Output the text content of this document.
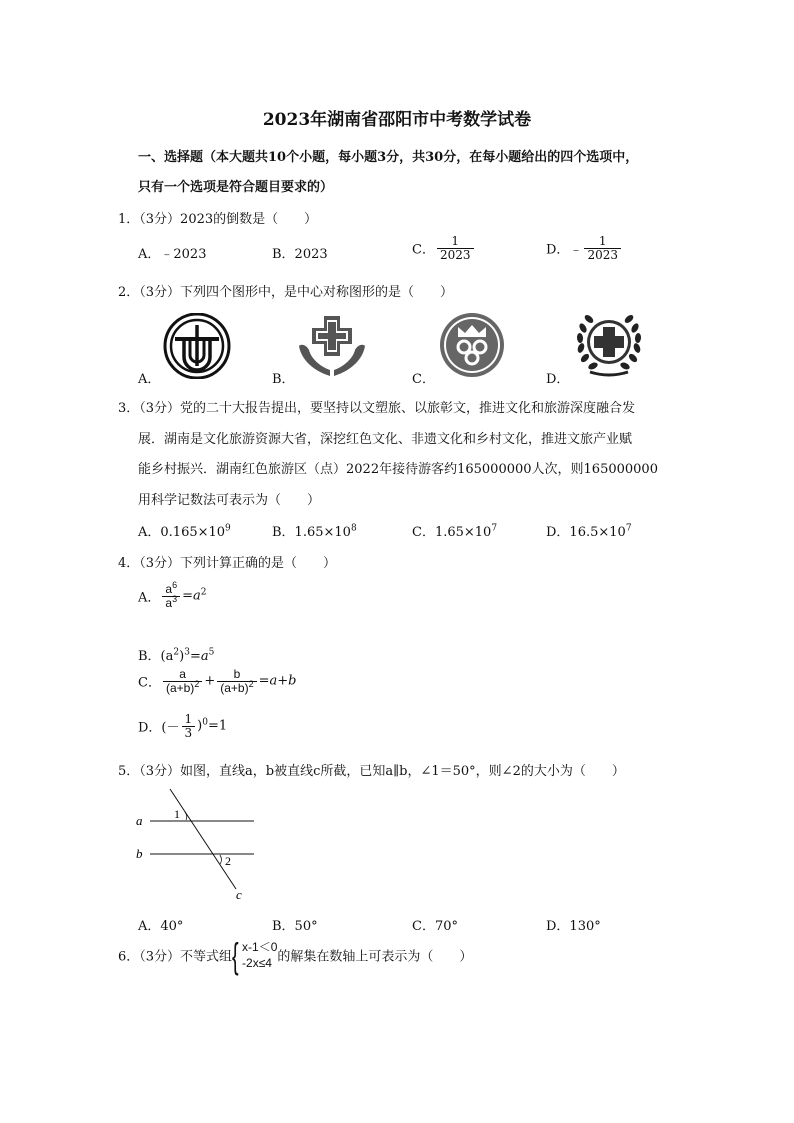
2023年湖南省邵阳市中考数学试卷
一、选择题（本大题共10个小题，每小题3分，共30分，在每小题给出的四个选项中，
只有一个选项是符合题目要求的）
1．（3分）2023的倒数是（　　）
A．﹣2023	B．2023	C． $\frac{1}{2023}$	D．﹣ $\frac{1}{2023}$
2．（3分）下列四个图形中，是中心对称图形的是（　　）
A．	B．	C．	D．
3．（3分）党的二十大报告提出，要坚持以文塑旅、以旅彰文，推进文化和旅游深度融合发
展．湖南是文化旅游资源大省，深挖红色文化、非遗文化和乡村文化，推进文旅产业赋
能乡村振兴．湖南红色旅游区（点）2022年接待游客约165000000人次，则165000000
用科学记数法可表示为（　　）
A．$0.165\times 10^9$	B．$1.65\times 10^8$	C．$1.65\times 10^7$	D．$16.5\times 10^7$
4．（3分）下列计算正确的是（　　）
A． $\frac{a^6}{a^3} =a^2$
B．$(a^2)^3=a^5$
C． $\frac{a}{(a+b)^2} + \frac{b}{(a+b)^2} =a+b$
D．(－ $\frac{1}{3} )^0=1$
5．（3分）如图，直线a，b被直线c所截，已知a∥b，∠1＝50°，则∠2的大小为（　　）
a
b
c
1
2
A．40°	B．50°	C．70°	D．130°
6．（3分）不等式组 { x-1＜0
-2x≤4 的解集在数轴上可表示为（　　）
